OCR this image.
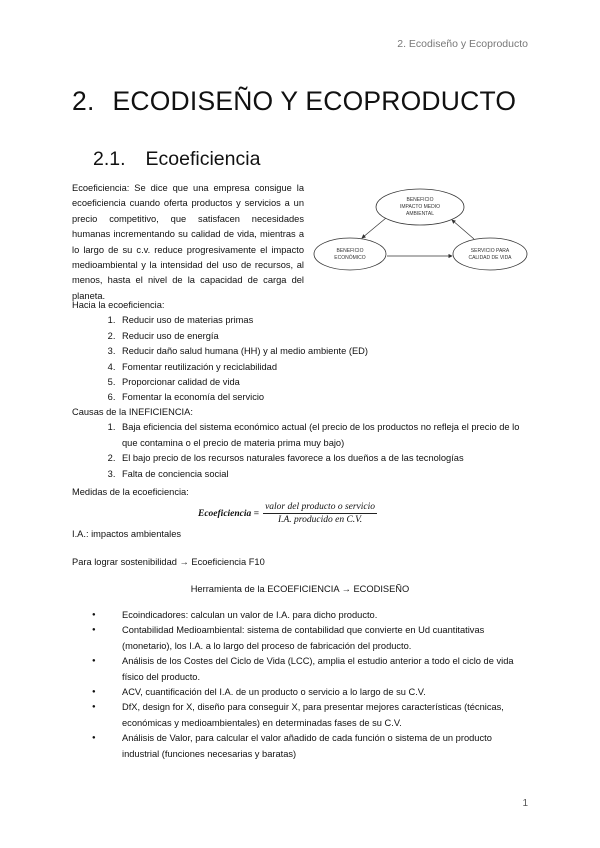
2. Ecodiseño y Ecoproducto
2. ECODISEÑO Y ECOPRODUCTO
2.1. Ecoeficiencia

Ecoeficiencia: Se dice que una empresa consigue la ecoeficiencia cuando oferta productos y servicios a un precio competitivo, que satisfacen necesidades humanas incrementando su calidad de vida, mientras a lo largo de su c.v. reduce progresivamente el impacto medioambiental y la intensidad del uso de recursos, al menos, hasta el nivel de la capacidad de carga del planeta.

BENEFICIO
IMPACTO MEDIO
AMBIENTAL
BENEFICIO
ECONÓMICO
SERVICIO PARA
CALIDAD DE VIDA

Hacia la ecoeficiencia:

1. Reducir uso de materias primas
2. Reducir uso de energía
3. Reducir daño salud humana (HH) y al medio ambiente (ED)
4. Fomentar reutilización y reciclabilidad
5. Proporcionar calidad de vida
6. Fomentar la economía del servicio

Causas de la INEFICIENCIA:

1. Baja eficiencia del sistema económico actual (el precio de los productos no refleja el precio de lo que contamina o el precio de materia prima muy bajo)
2. El bajo precio de los recursos naturales favorece a los dueños a de las tecnologías
3. Falta de conciencia social
Medidas de la ecoeficiencia:
Ecoeficiencia = $\frac{\text{valor del producto o servicio}}{\text{I.A. producido en C.V.}}$
I.A.: impactos ambientales
Para lograr sostenibilidad → Ecoeficiencia F10
Herramienta de la ECOEFICIENCIA → ECODISEÑO
● Ecoindicadores: calculan un valor de I.A. para dicho producto.
● Contabilidad Medioambiental: sistema de contabilidad que convierte en Ud cuantitativas (monetario), los I.A. a lo largo del proceso de fabricación del producto.
● Análisis de los Costes del Ciclo de Vida (LCC), amplia el estudio anterior a todo el ciclo de vida físico del producto.
● ACV, cuantificación del I.A. de un producto o servicio a lo largo de su C.V.
● DfX, design for X, diseño para conseguir X, para presentar mejores características (técnicas, económicas y medioambientales) en determinadas fases de su C.V.
● Análisis de Valor, para calcular el valor añadido de cada función o sistema de un producto industrial (funciones necesarias y baratas)
1
